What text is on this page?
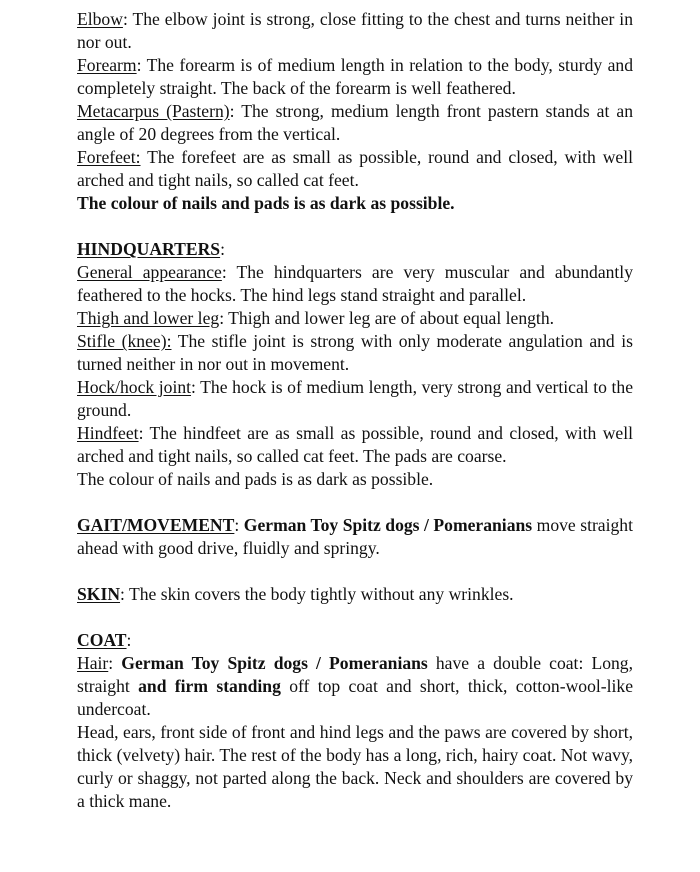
Elbow: The elbow joint is strong, close fitting to the chest and turns neither in nor out.

Forearm: The forearm is of medium length in relation to the body, sturdy and completely straight. The back of the forearm is well feathered.

Metacarpus (Pastern): The strong, medium length front pastern stands at an angle of 20 degrees from the vertical.

Forefeet: The forefeet are as small as possible, round and closed, with well arched and tight nails, so called cat feet.

The colour of nails and pads is as dark as possible.

HINDQUARTERS:

General appearance: The hindquarters are very muscular and abundantly feathered to the hocks. The hind legs stand straight and parallel.

Thigh and lower leg: Thigh and lower leg are of about equal length.

Stifle (knee): The stifle joint is strong with only moderate angulation and is turned neither in nor out in movement.

Hock/hock joint: The hock is of medium length, very strong and vertical to the ground.

Hindfeet: The hindfeet are as small as possible, round and closed, with well arched and tight nails, so called cat feet. The pads are coarse.

The colour of nails and pads is as dark as possible.

GAIT/MOVEMENT: German Toy Spitz dogs / Pomeranians move straight ahead with good drive, fluidly and springy.

SKIN: The skin covers the body tightly without any wrinkles.

COAT:

Hair: German Toy Spitz dogs / Pomeranians have a double coat: Long, straight and firm standing off top coat and short, thick, cotton-wool-like undercoat.

Head, ears, front side of front and hind legs and the paws are covered by short, thick (velvety) hair. The rest of the body has a long, rich, hairy coat. Not wavy, curly or shaggy, not parted along the back. Neck and shoulders are covered by a thick mane.
